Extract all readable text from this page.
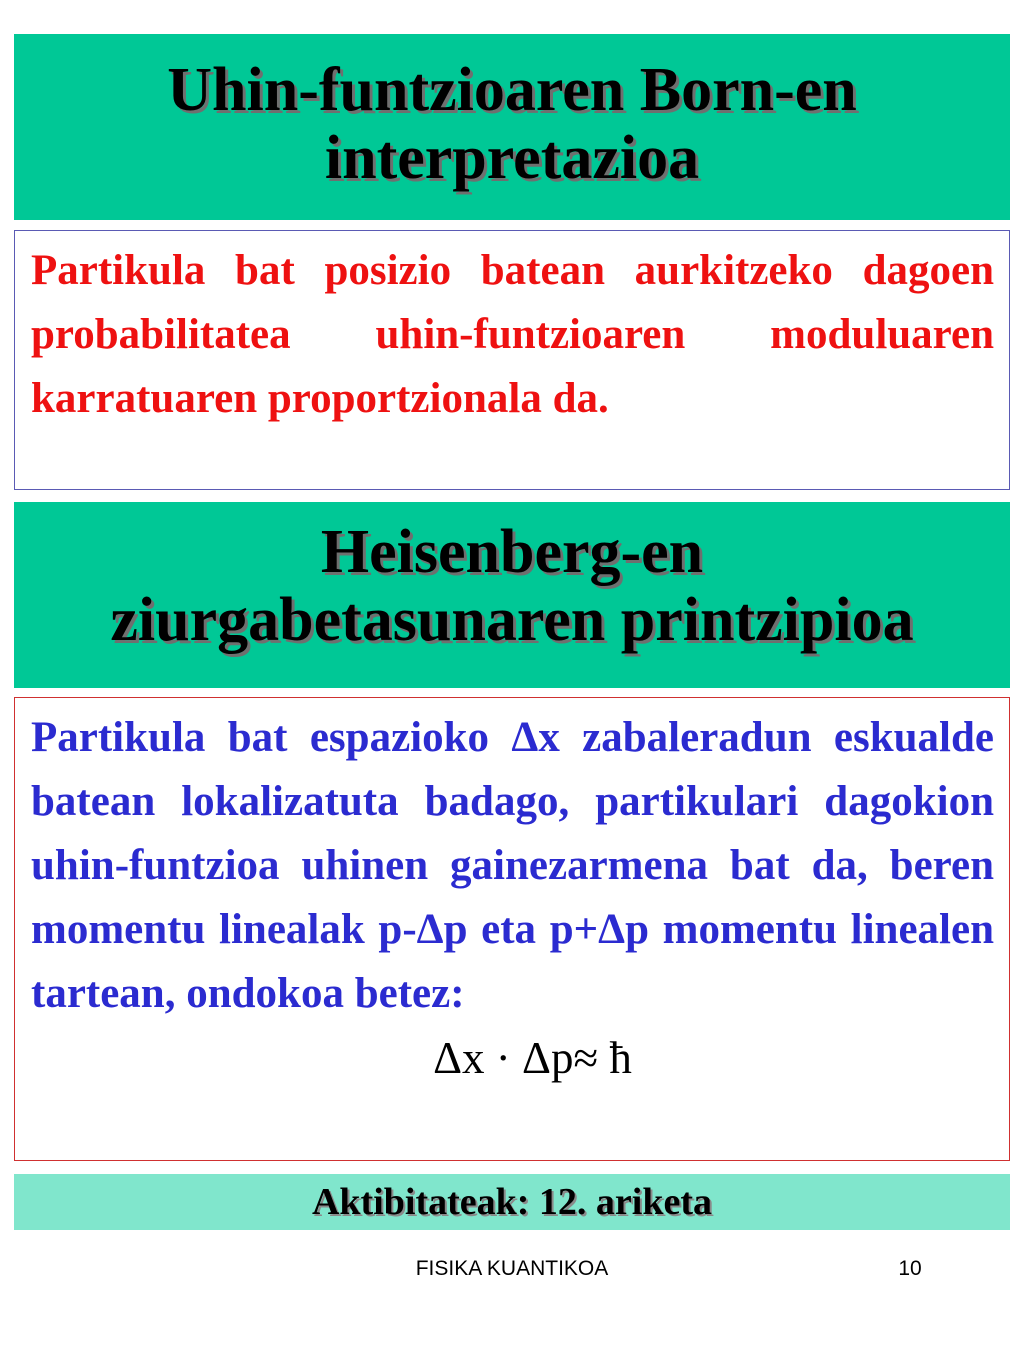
Uhin-funtzioaren Born-en
interpretazioa
Partikula bat posizio batean aurkitzeko dagoen probabilitatea uhin-funtzioaren moduluaren karratuaren proportzionala da.
Heisenberg-en
ziurgabetasunaren printzipioa
Partikula bat espazioko Δx zabaleradun eskualde batean lokalizatuta badago, partikulari dagokion uhin-funtzioa uhinen gainezarmena bat da, beren momentu linealak p-Δp eta p+Δp momentu linealen tartean, ondokoa betez:
Δx · Δp≈ ħ
Aktibitateak: 12. ariketa
FISIKA KUANTIKOA	10
